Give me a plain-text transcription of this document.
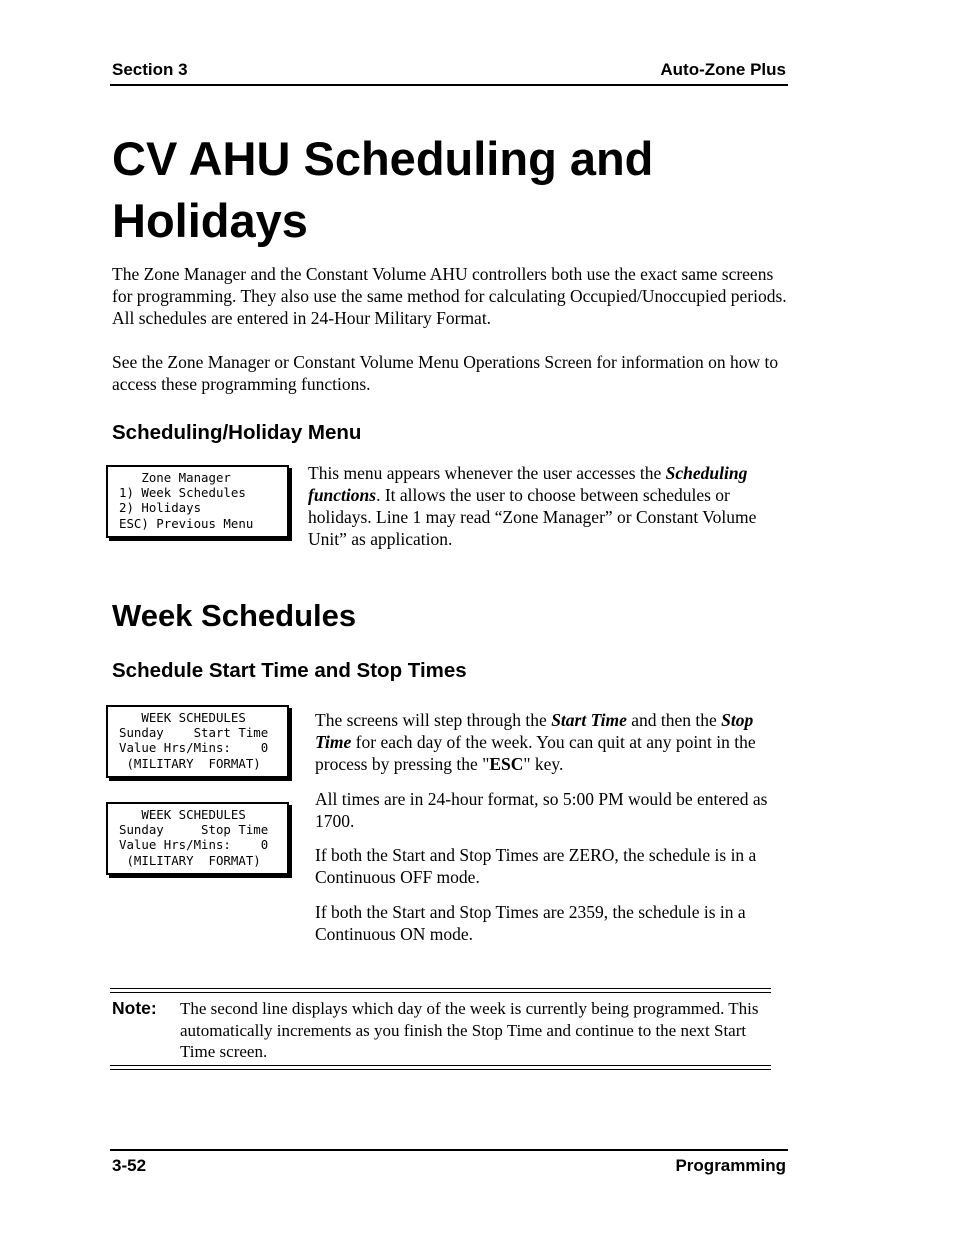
Section 3	Auto-Zone Plus
CV AHU Scheduling and Holidays
The Zone Manager and the Constant Volume AHU controllers both use the exact same screens for programming. They also use the same method for calculating Occupied/Unoccupied periods. All schedules are entered in 24-Hour Military Format.
See the Zone Manager or Constant Volume Menu Operations Screen for information on how to access these programming functions.
Scheduling/Holiday Menu
Zone Manager
1) Week Schedules
2) Holidays
ESC) Previous Menu
This menu appears whenever the user accesses the Scheduling functions. It allows the user to choose between schedules or holidays. Line 1 may read “Zone Manager” or Constant Volume Unit” as application.
Week Schedules
Schedule Start Time and Stop Times
WEEK SCHEDULES
Sunday    Start Time
Value Hrs/Mins:    0
(MILITARY  FORMAT)
WEEK SCHEDULES
Sunday     Stop Time
Value Hrs/Mins:    0
(MILITARY  FORMAT)
The screens will step through the Start Time and then the Stop Time for each day of the week. You can quit at any point in the process by pressing the "ESC" key.
All times are in 24-hour format, so 5:00 PM would be entered as 1700.
If both the Start and Stop Times are ZERO, the schedule is in a Continuous OFF mode.
If both the Start and Stop Times are 2359, the schedule is in a Continuous ON mode.
Note: The second line displays which day of the week is currently being programmed. This automatically increments as you finish the Stop Time and continue to the next Start Time screen.
3-52	Programming
